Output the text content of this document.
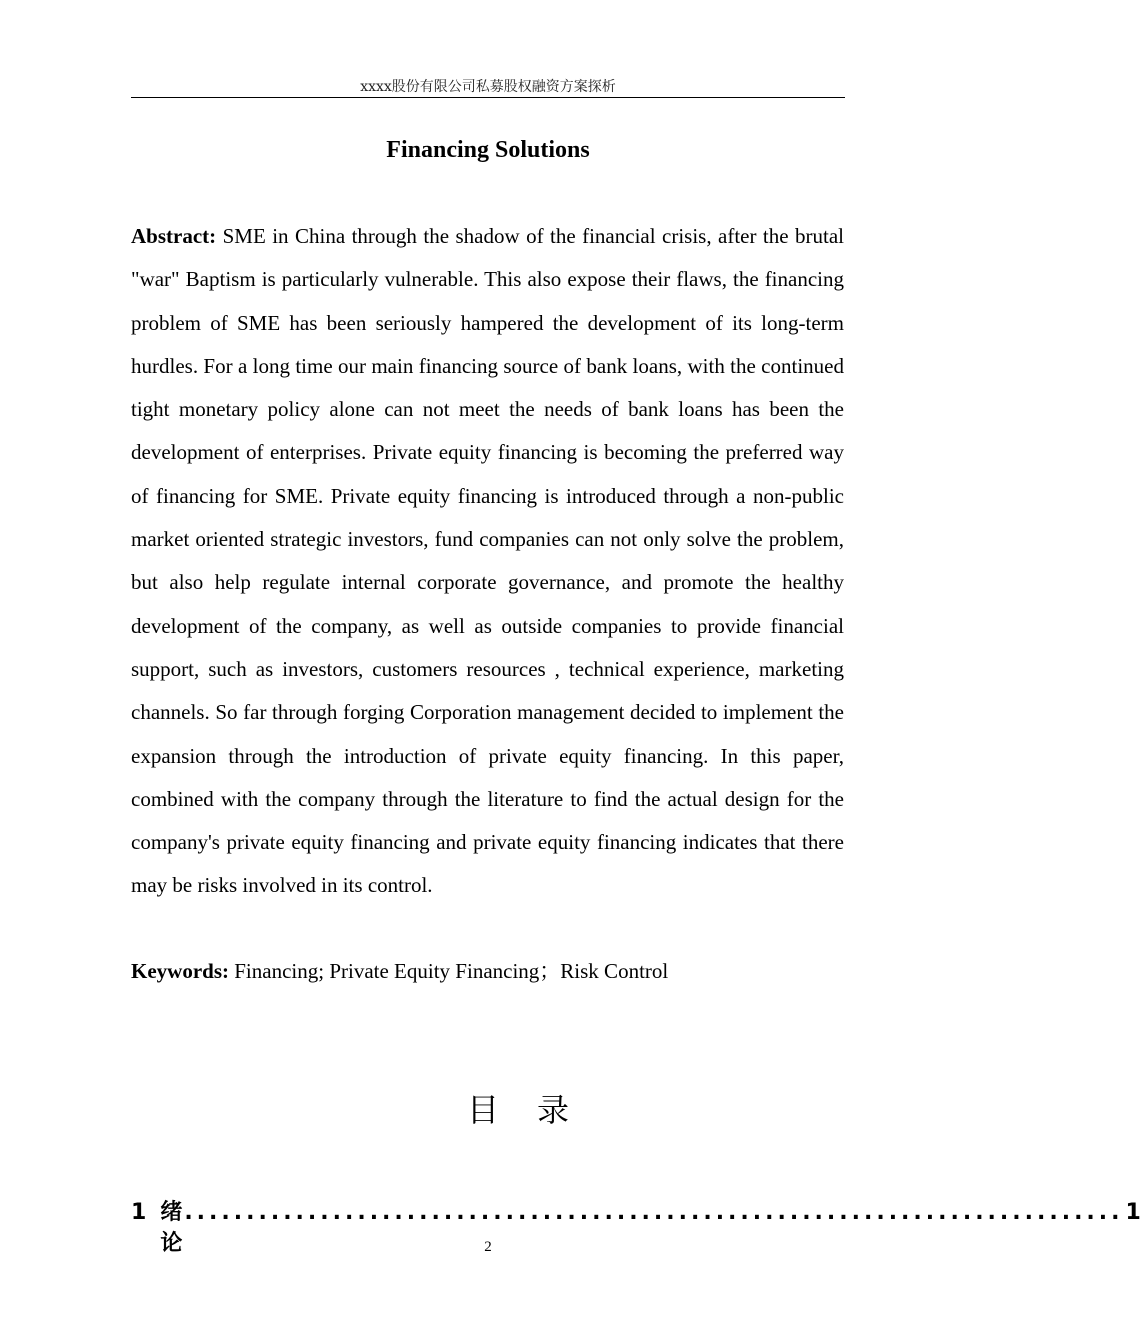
xxxx股份有限公司私募股权融资方案探析
Financing Solutions

Abstract: SME in China through the shadow of the financial crisis, after the brutal "war" Baptism is particularly vulnerable. This also expose their flaws, the financing problem of SME has been seriously hampered the development of its long-term hurdles. For a long time our main financing source of bank loans, with the continued tight monetary policy alone can not meet the needs of bank loans has been the development of enterprises. Private equity financing is becoming the preferred way of financing for SME. Private equity financing is introduced through a non-public market oriented strategic investors, fund companies can not only solve the problem, but also help regulate internal corporate governance, and promote the healthy development of the company, as well as outside companies to provide financial support, such as investors, customers resources , technical experience, marketing channels. So far through forging Corporation management decided to implement the expansion through the introduction of private equity financing. In this paper, combined with the company through the literature to find the actual design for the company's private equity financing and private equity financing indicates that there may be risks involved in its control.

Keywords: Financing; Private Equity Financing；Risk Control

目 录
1 绪论
............................................................................ 1
2
